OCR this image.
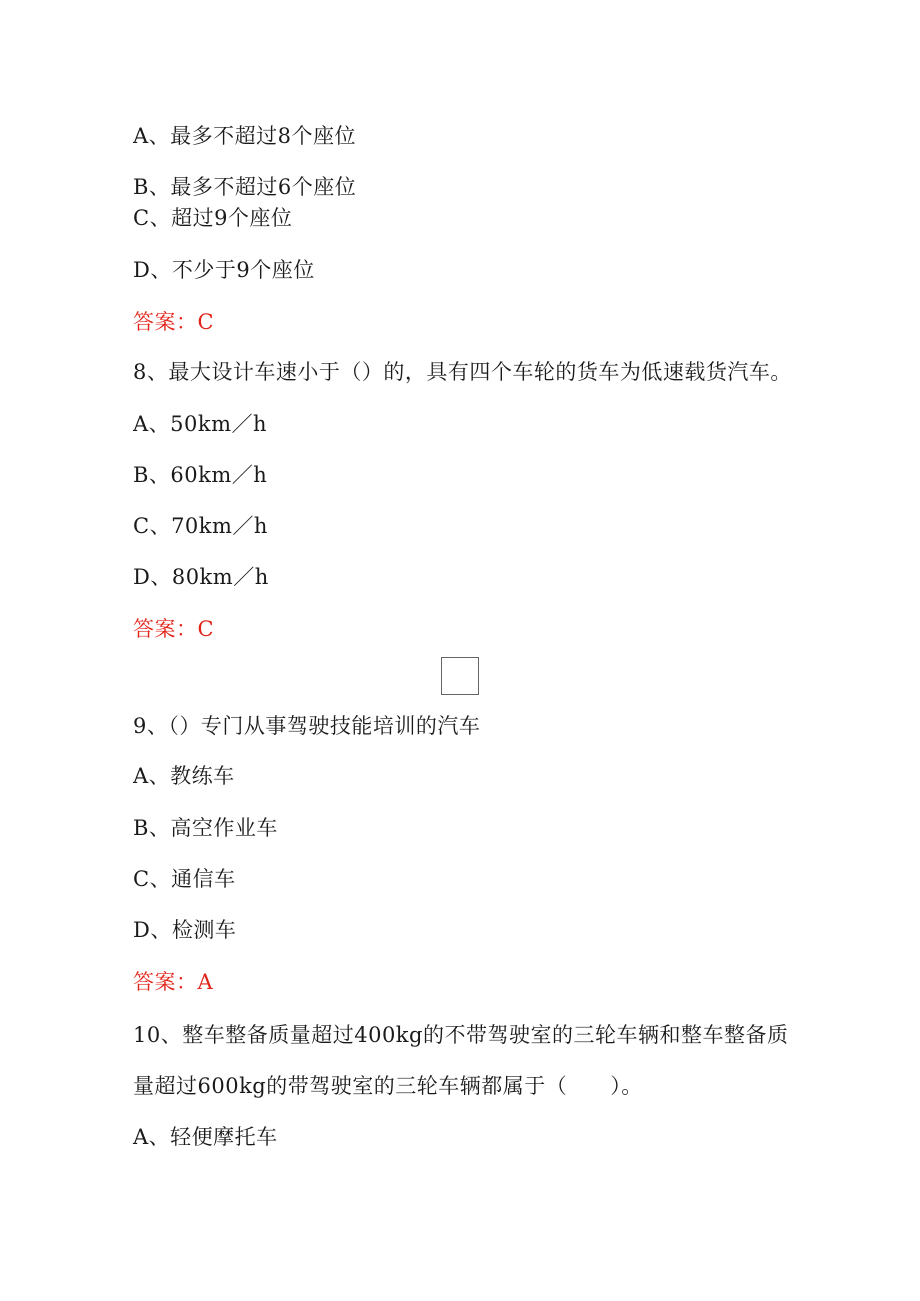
A、最多不超过8个座位
B、最多不超过6个座位
C、超过9个座位
D、不少于9个座位
答案：C
8、最大设计车速小于（）的，具有四个车轮的货车为低速载货汽车。
A、50km／h
B、60km／h
C、70km／h
D、80km／h
答案：C
9、（）专门从事驾驶技能培训的汽车
A、教练车
B、高空作业车
C、通信车
D、检测车
答案：A
10、整车整备质量超过400kg的不带驾驶室的三轮车辆和整车整备质
量超过600kg的带驾驶室的三轮车辆都属于（　　）。
A、轻便摩托车
